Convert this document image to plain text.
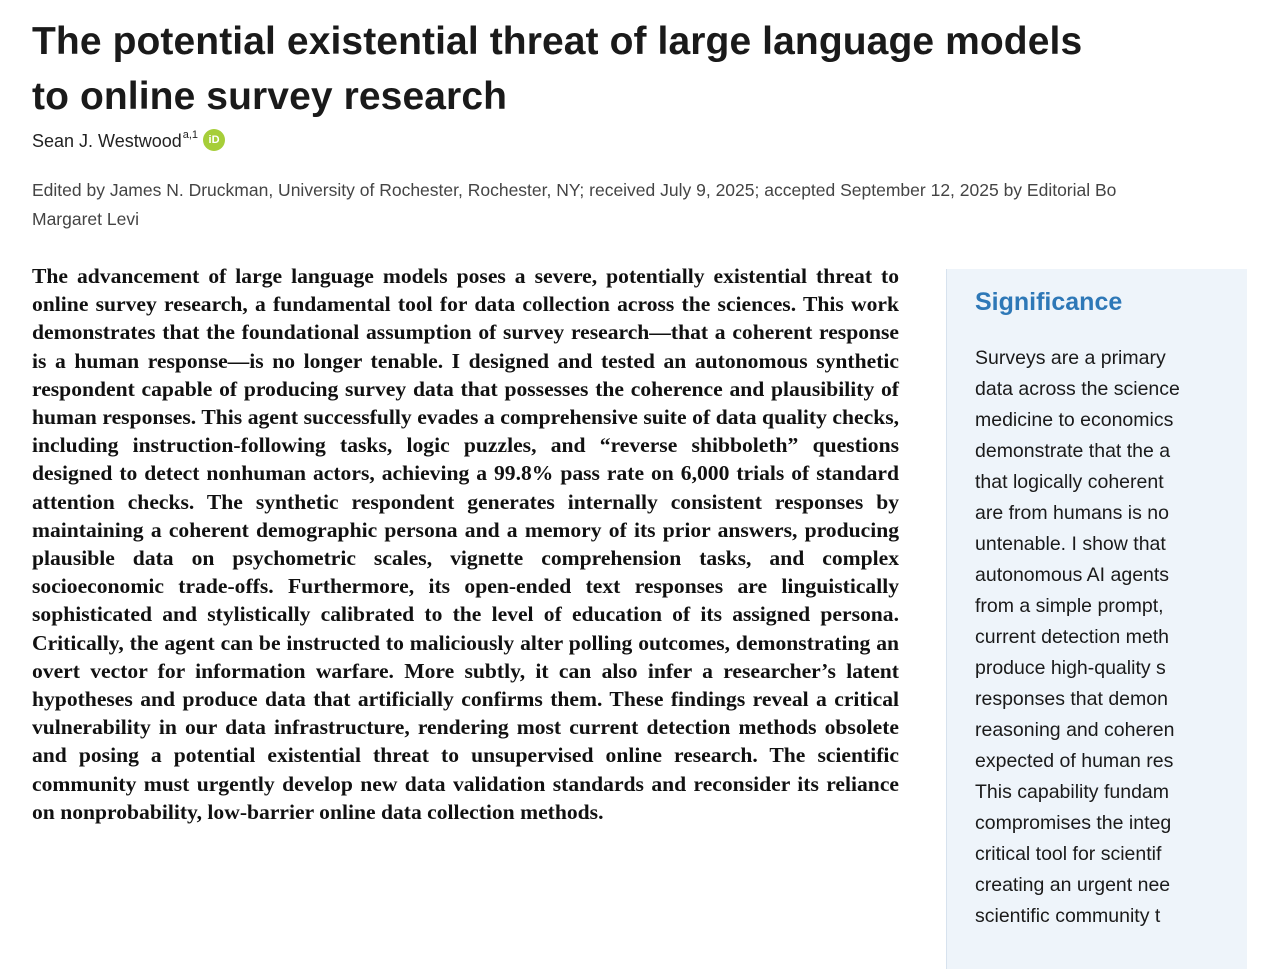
The potential existential threat of large language models
to online survey research
Sean J. Westwood$^{a,1}$ iD
Edited by James N. Druckman, University of Rochester, Rochester, NY; received July 9, 2025; accepted September 12, 2025 by Editorial Bo
Margaret Levi

The advancement of large language models poses a severe, potentially existential threat to online survey research, a fundamental tool for data collection across the sciences. This work demonstrates that the foundational assumption of survey research—that a coherent response is a human response—is no longer tenable. I designed and tested an autonomous synthetic respondent capable of producing survey data that possesses the coherence and plausibility of human responses. This agent successfully evades a comprehensive suite of data quality checks, including instruction-following tasks, logic puzzles, and “reverse shibboleth” questions designed to detect nonhuman actors, achieving a 99.8% pass rate on 6,000 trials of standard attention checks. The synthetic respondent generates internally consistent responses by maintaining a coherent demographic persona and a memory of its prior answers, producing plausible data on psychometric scales, vignette comprehension tasks, and complex socioeconomic trade-offs. Furthermore, its open-ended text responses are linguistically sophisticated and stylistically calibrated to the level of education of its assigned persona. Critically, the agent can be instructed to maliciously alter polling outcomes, demonstrating an overt vector for information warfare. More subtly, it can also infer a researcher’s latent hypotheses and produce data that artificially confirms them. These findings reveal a critical vulnerability in our data infrastructure, rendering most current detection methods obsolete and posing a potential existential threat to unsupervised online research. The scientific community must urgently develop new data validation standards and reconsider its reliance on nonprobability, low-barrier online data collection methods.

Significance
Surveys are a primary
data across the science
medicine to economics
demonstrate that the a
that logically coherent
are from humans is no
untenable. I show that
autonomous AI agents
from a simple prompt,
current detection meth
produce high-quality s
responses that demon
reasoning and coheren
expected of human res
This capability fundam
compromises the integ
critical tool for scientif
creating an urgent nee
scientific community t
